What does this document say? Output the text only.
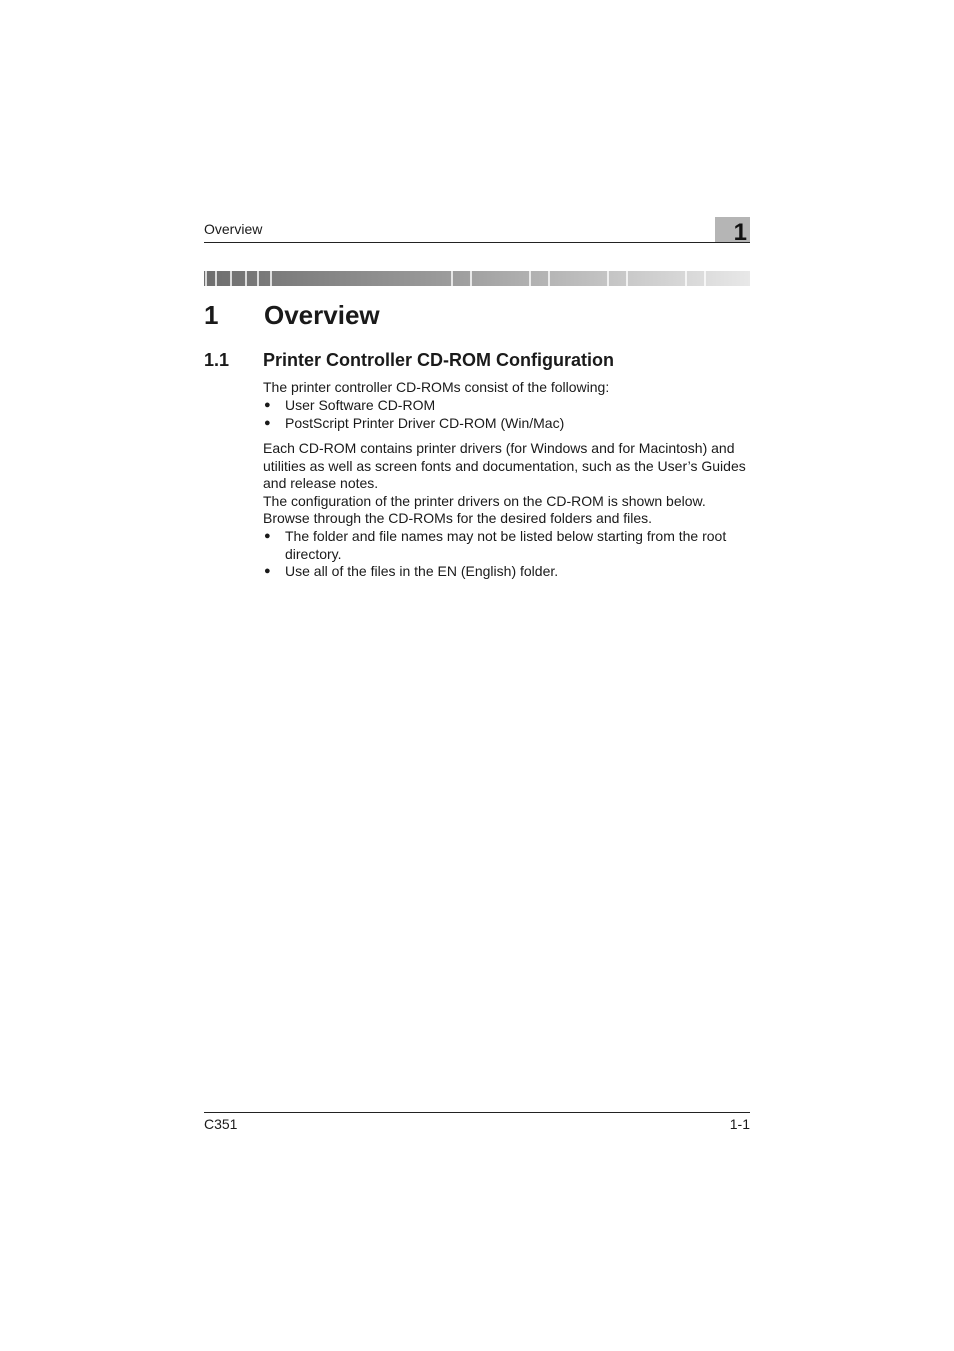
Overview	1
1 Overview
1.1 Printer Controller CD-ROM Configuration

The printer controller CD-ROMs consist of the following:

● User Software CD-ROM
● PostScript Printer Driver CD-ROM (Win/Mac)

Each CD-ROM contains printer drivers (for Windows and for Macintosh) and utilities as well as screen fonts and documentation, such as the User’s Guides and release notes.

The configuration of the printer drivers on the CD-ROM is shown below.

Browse through the CD-ROMs for the desired folders and files.

● The folder and file names may not be listed below starting from the root directory.
● Use all of the files in the EN (English) folder.
C351	1-1
